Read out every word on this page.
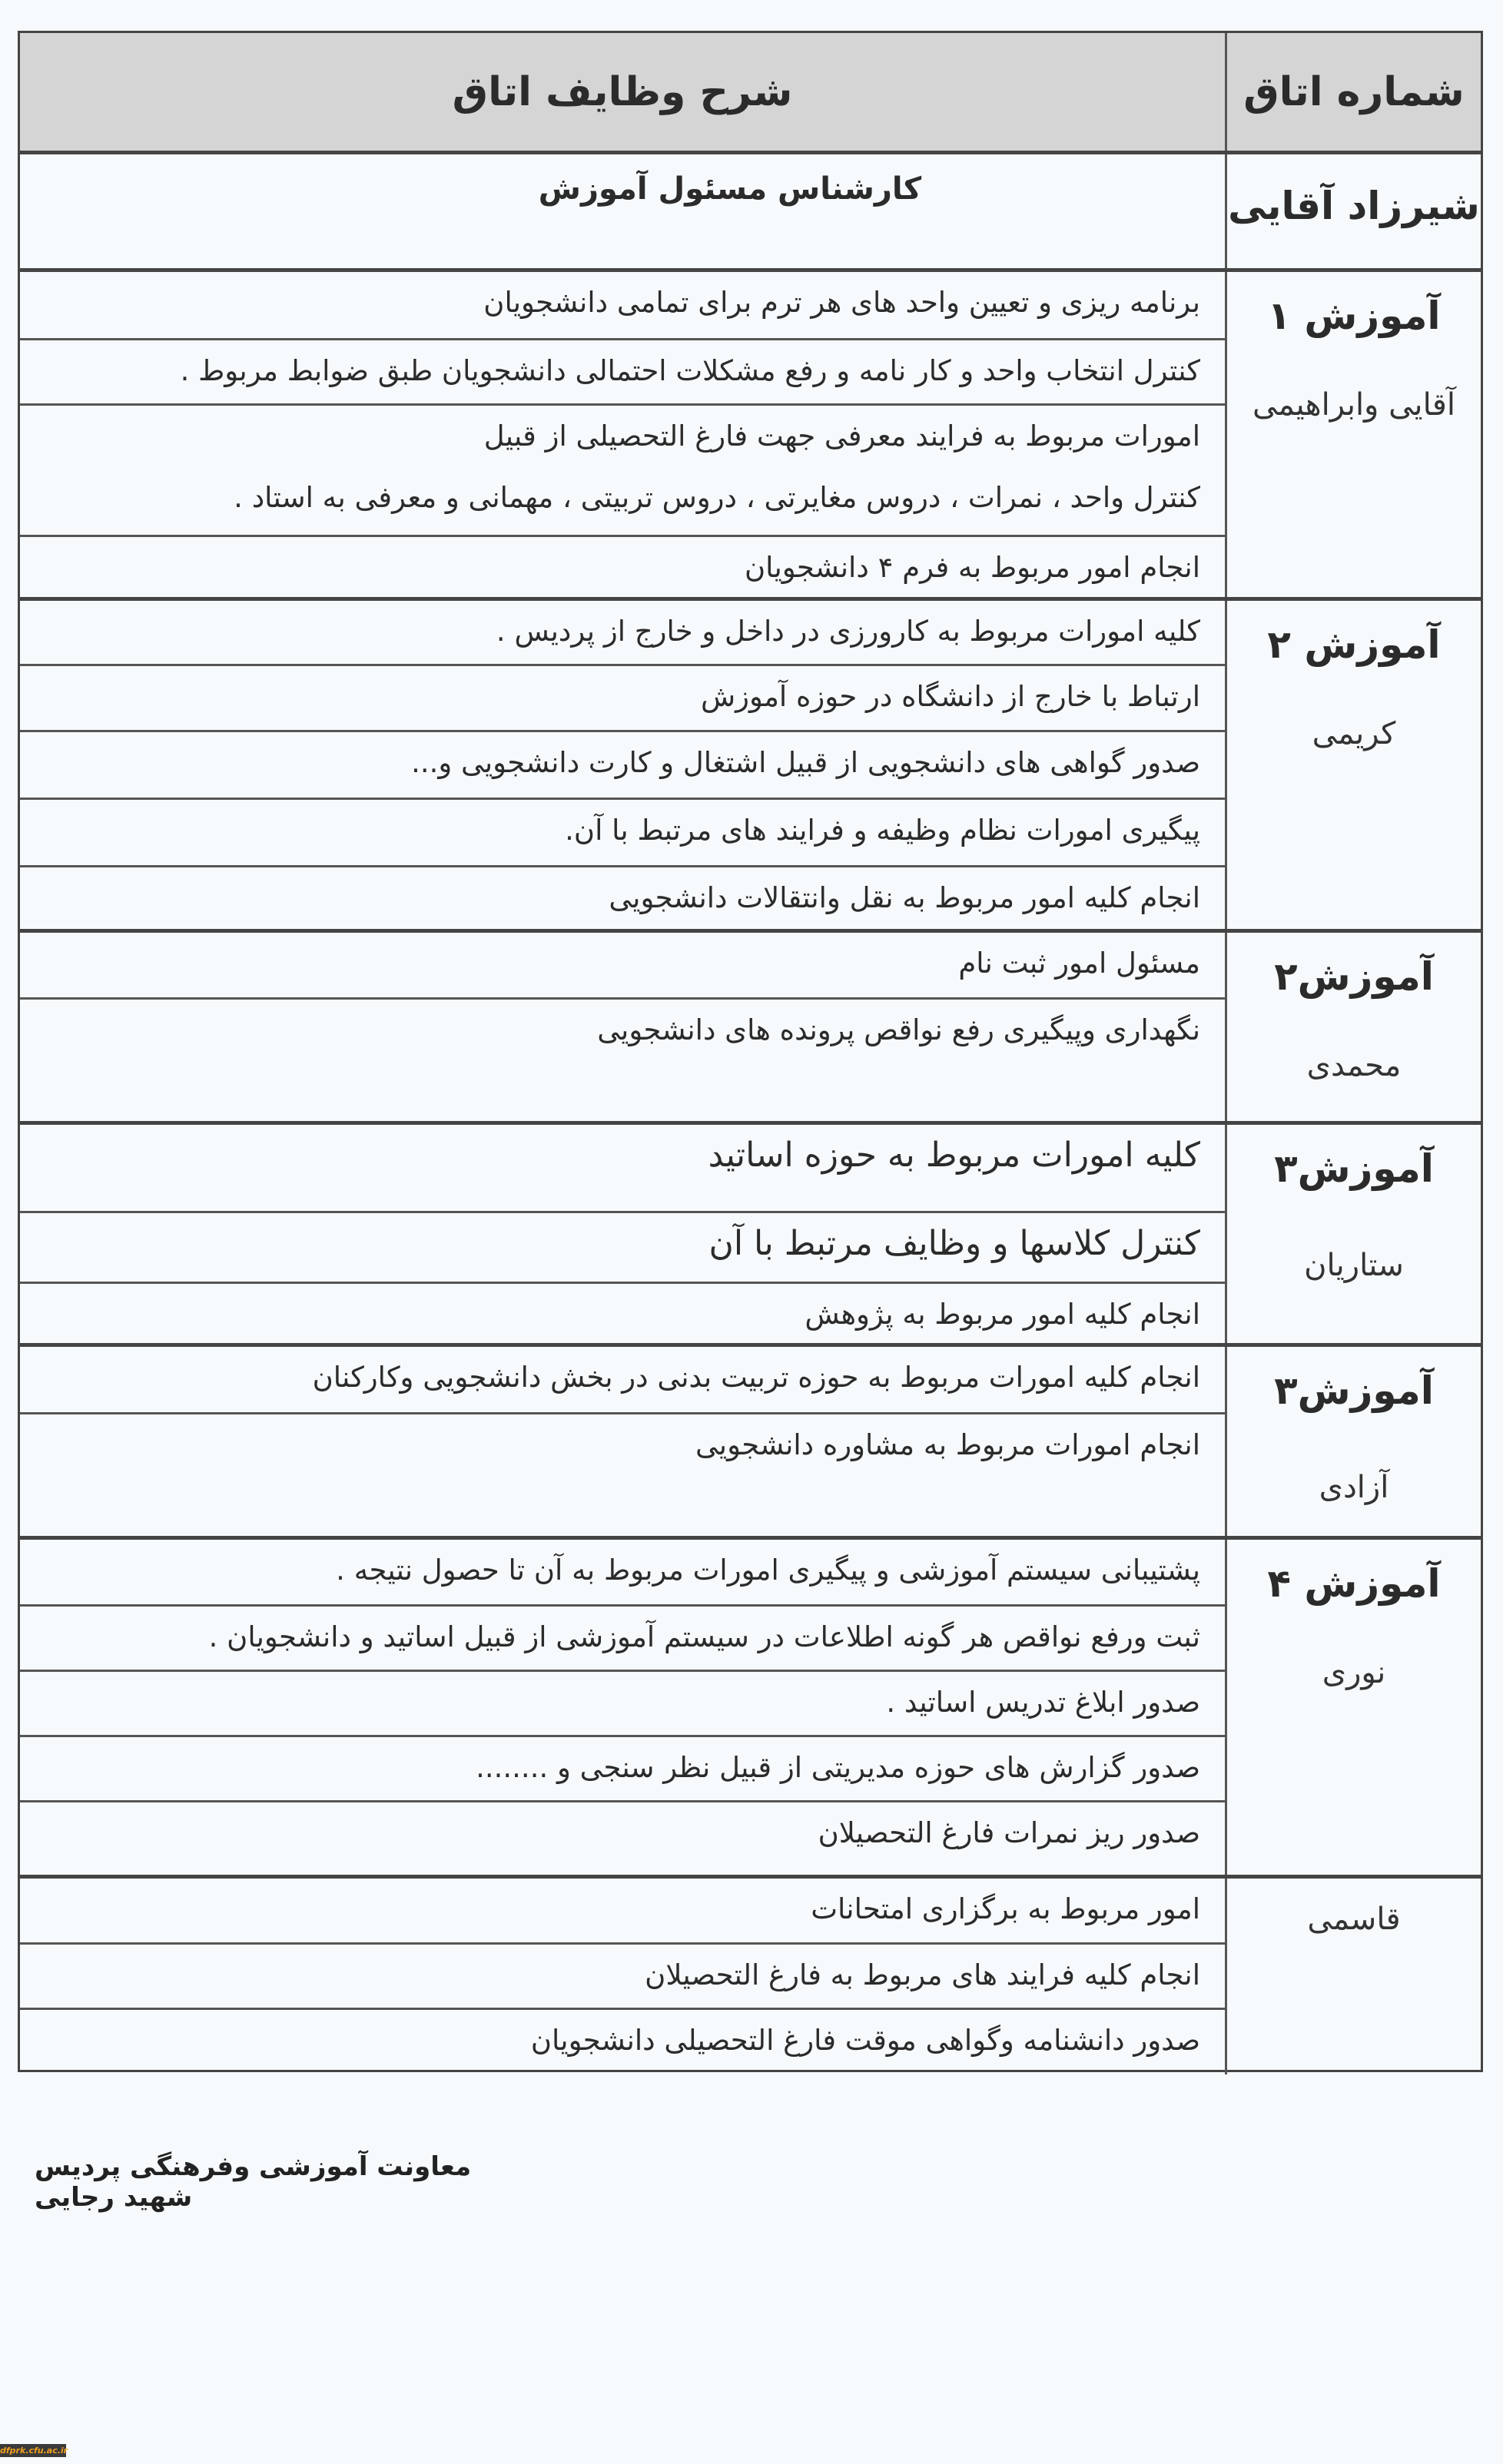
شرح وظایف اتاق	شماره اتاق
کارشناس مسئول آموزش	شیرزاد آقایی
برنامه ریزی و تعیین واحد های هر ترم برای تمامی دانشجویان
کنترل انتخاب واحد و کار نامه و رفع مشکلات احتمالی دانشجویان طبق ضوابط مربوط .
امورات مربوط به فرایند معرفی جهت فارغ التحصیلی از قبیل
کنترل واحد ، نمرات ، دروس مغایرتی ، دروس تربیتی ، مهمانی و معرفی به استاد .
انجام امور مربوط به فرم ۴ دانشجویان
آموزش ۱
آقایی وابراهیمی
کلیه امورات مربوط به کارورزی در داخل و خارج از پردیس .
ارتباط با خارج از دانشگاه در حوزه آموزش
صدور گواهی های دانشجویی از قبیل اشتغال و کارت دانشجویی و...
پیگیری امورات نظام وظیفه و فرایند های مرتبط با آن.
انجام کلیه امور مربوط به نقل وانتقالات دانشجویی
آموزش ۲
کریمی
مسئول امور ثبت نام
نگهداری وپیگیری رفع نواقص پرونده های دانشجویی
آموزش۲
محمدی
کلیه امورات مربوط به حوزه اساتید
کنترل کلاسها و وظایف مرتبط با آن
انجام کلیه امور مربوط به پژوهش
آموزش۳
ستاریان
انجام کلیه امورات مربوط به حوزه تربیت بدنی در بخش دانشجویی وکارکنان
انجام امورات مربوط به مشاوره دانشجویی
آموزش۳
آزادی
پشتیبانی سیستم آموزشی و پیگیری امورات مربوط به آن تا حصول نتیجه .
ثبت ورفع نواقص هر گونه اطلاعات در سیستم آموزشی از قبیل اساتید و دانشجویان .
صدور ابلاغ تدریس اساتید .
صدور گزارش های حوزه مدیریتی از قبیل نظر سنجی و ........
صدور ریز نمرات فارغ التحصیلان
آموزش ۴
نوری
امور مربوط به برگزاری امتحانات
انجام کلیه فرایند های مربوط به فارغ التحصیلان
صدور دانشنامه وگواهی موقت فارغ التحصیلی دانشجویان
قاسمی
معاونت آموزشی وفرهنگی پردیس شهید رجایی
dfprk.cfu.ac.ir
